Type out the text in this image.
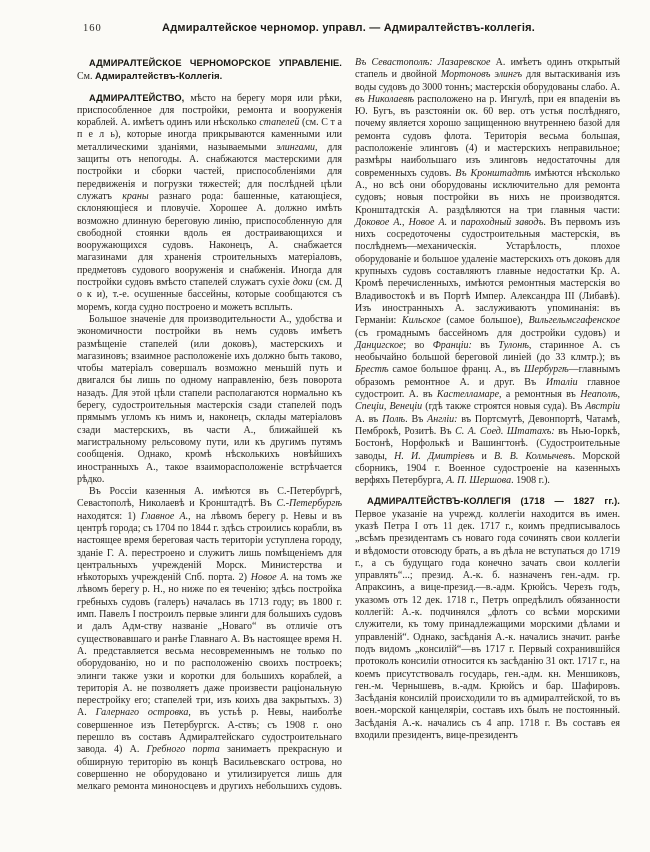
160	Адмиралтейское черномор. управл. — Адмиралтействъ-коллегія.

АДМИРАЛТЕЙСКОЕ ЧЕРНОМОРСКОЕ УПРАВЛЕНІЕ. См. Адмиралтействъ-Коллегія.

АДМИРАЛТЕЙСТВО, мѣсто на берегу моря или рѣки, приспособленное для постройки, ремонта и вооруженія кораблей. А. имѣетъ одинъ или нѣсколько стапелей (см. С т а п е л ь), которые иногда прикрываются каменными или металлическими зданіями, называемыми элингами, для защиты отъ непогоды. А. снабжаются мастерскими для постройки и сборки частей, приспособленіями для передвиженія и погрузки тяжестей; для послѣдней цѣли служатъ краны разнаго рода: башенные, катающіеся, склоняющіеся и пловучіе. Хорошее А. должно имѣть возможно длинную береговую линію, приспособленную для свободной стоянки вдоль ея достраивающихся и вооружающихся судовъ. Наконецъ, А. снабжается магазинами для храненія строительныхъ матеріаловъ, предметовъ судового вооруженія и снабженія. Иногда для постройки судовъ вмѣсто стапелей служатъ сухіе доки (см. Д о к и), т.-е. осушенные бассейны, которые сообщаются съ моремъ, когда судно построено и можетъ всплыть.

Большое значеніе для производительности А., удобства и экономичности постройки въ немъ судовъ имѣетъ размѣщеніе стапелей (или доковъ), мастерскихъ и магазиновъ; взаимное расположеніе ихъ должно быть таково, чтобы матеріалъ совершалъ возможно меньшій путь и двигался бы лишь по одному направленію, безъ поворота назадъ. Для этой цѣли стапели располагаются нормально къ берегу, судостроительныя мастерскія сзади стапелей подъ прямымъ угломъ къ нимъ и, наконецъ, склады матеріаловъ сзади мастерскихъ, въ части А., ближайшей къ магистральному рельсовому пути, или къ другимъ путямъ сообщенія. Однако, кромѣ нѣсколькихъ новѣйшихъ иностранныхъ А., такое взаиморасположеніе встрѣчается рѣдко.

Въ Россіи казенныя А. имѣются въ С.-Петербургѣ, Севастополѣ, Николаевѣ и Кронштадтѣ. Въ С.-Петербургѣ находятся: 1) Главное А., на лѣвомъ берегу р. Невы и въ центрѣ города; съ 1704 по 1844 г. здѣсь строились корабли, въ настоящее время береговая часть територіи уступлена городу, зданіе Г. А. перестроено и служитъ лишь помѣщеніемъ для центральныхъ учрежденій Морск. Министерства и нѣкоторыхъ учрежденій Спб. порта. 2) Новое А. на томъ же лѣвомъ берегу р. Н., но ниже по ея теченію; здѣсь постройка гребныхъ судовъ (галеръ) началась въ 1713 году; въ 1800 г. имп. Павелъ I построилъ первые элинги для большихъ судовъ и далъ Адм-ству названіе „Новаго“ въ отличіе отъ существовавшаго и ранѣе Главнаго А. Въ настоящее время Н. А. представляется весьма несовременнымъ не только по оборудованію, но и по расположенію своихъ построекъ; элинги также узки и коротки для большихъ кораблей, а територія А. не позволяетъ даже произвести раціональную перестройку его; стапелей три, изъ коихъ два закрытыхъ. 3) А. Галернаго островка, въ устьѣ р. Невы, наиболѣе совершенное изъ Петербургск. А-ствъ; съ 1908 г. оно перешло въ составъ Адмиралтейскаго судостроительнаго завода. 4) А. Гребного порта занимаетъ прекрасную и обширную територію въ концѣ Васильевскаго острова, но совершенно не оборудовано и утилизируется лишь для мелкаго ремонта миноносцевъ и другихъ небольшихъ судовъ. Въ Севастополѣ: Лазаревское А. имѣетъ одинъ открытый стапель и двойной Мортоновъ элингъ для вытаскиванія изъ воды судовъ до 3000 тоннъ; мастерскія оборудованы слабо. А. въ Николаевѣ расположено на р. Ингулѣ, при ея впаденіи въ Ю. Бугъ, въ разстояніи ок. 60 вер. отъ устья послѣдняго, почему является хорошо защищенною внутреннею базой для ремонта судовъ флота. Територія весьма большая, расположеніе элинговъ (4) и мастерскихъ неправильное; размѣры наибольшаго изъ элинговъ недостаточны для современныхъ судовъ. Въ Кронштадтѣ имѣются нѣсколько А., но всѣ они оборудованы исключительно для ремонта судовъ; новыя постройки въ нихъ не производятся. Кронштадтскія А. раздѣляются на три главныя части: Доковое А., Новое А. и пароходный заводъ. Въ первомъ изъ нихъ сосредоточены судостроительныя мастерскія, въ послѣднемъ—механическія. Устарѣлость, плохое оборудованіе и большое удаленіе мастерскихъ отъ доковъ для крупныхъ судовъ составляютъ главные недостатки Кр. А. Кромѣ перечисленныхъ, имѣются ремонтныя мастерскія во Владивостокѣ и въ Портѣ Импер. Александра III (Либавѣ). Изъ иностранныхъ А. заслуживаютъ упоминанія: въ Германіи: Кильское (самое большое), Вильгельмсгафенское (съ громаднымъ бассейномъ для достройки судовъ) и Данцигское; во Франціи: въ Тулонѣ, старинное А. съ необычайно большой береговой линіей (до 33 клмтр.); въ Брестѣ самое большое франц. А., въ Шербургѣ—главнымъ образомъ ремонтное А. и друг. Въ Италіи главное судостроит. А. въ Кастелламаре, а ремонтныя въ Неаполѣ, Спеціи, Венеціи (гдѣ также строятся новыя суда). Въ Австріи А. въ Полѣ. Въ Англіи: въ Портсмутѣ, Девонпортѣ, Чатамѣ, Пемброкѣ, Розитѣ. Въ С. А. Соед. Штатахъ: въ Нью-Іоркѣ, Бостонѣ, Норфолькѣ и Вашингтонѣ. (Судостроительные заводы, Н. И. Дмитріевъ и В. В. Колмычевъ. Морской сборникъ, 1904 г. Военное судостроеніе на казенныхъ верфяхъ Петербурга, А. П. Шершова. 1908 г.).

АДМИРАЛТЕЙСТВЪ-КОЛЛЕГІЯ (1718 — 1827 гг.). Первое указаніе на учрежд. коллегіи находится въ имен. указѣ Петра I отъ 11 дек. 1717 г., коимъ предписывалось „всѣмъ президентамъ съ новаго года сочинять свои коллегіи и вѣдомости отовсюду брать, а въ дѣла не вступаться до 1719 г., а съ будущаго года конечно зачать свои коллегіи управлять“...; презид. А.-к. б. назначенъ ген.-адм. гр. Апраксинъ, а вице-презид.—в.-адм. Крюйсъ. Черезъ годъ, указомъ отъ 12 дек. 1718 г., Петръ опредѣлилъ обязанности коллегій: А.-к. подчинялся „флотъ со всѣми морскими служители, къ тому принадлежащими морскими дѣлами и управленій“. Однако, засѣданія А.-к. начались значит. ранѣе подъ видомъ „консилій“—въ 1717 г. Первый сохранившійся протоколъ консиліи относится къ засѣданію 31 окт. 1717 г., на коемъ присутствовалъ государь, ген.-адм. кн. Меншиковъ, ген.-м. Чернышевъ, в.-адм. Крюйсъ и бар. Шафировъ. Засѣданія консилій происходили то въ адмиралтейской, то въ воен.-морской канцеляріи, составъ ихъ былъ не постоянный. Засѣданія А.-к. начались съ 4 апр. 1718 г. Въ составъ ея входили президентъ, вице-президентъ
